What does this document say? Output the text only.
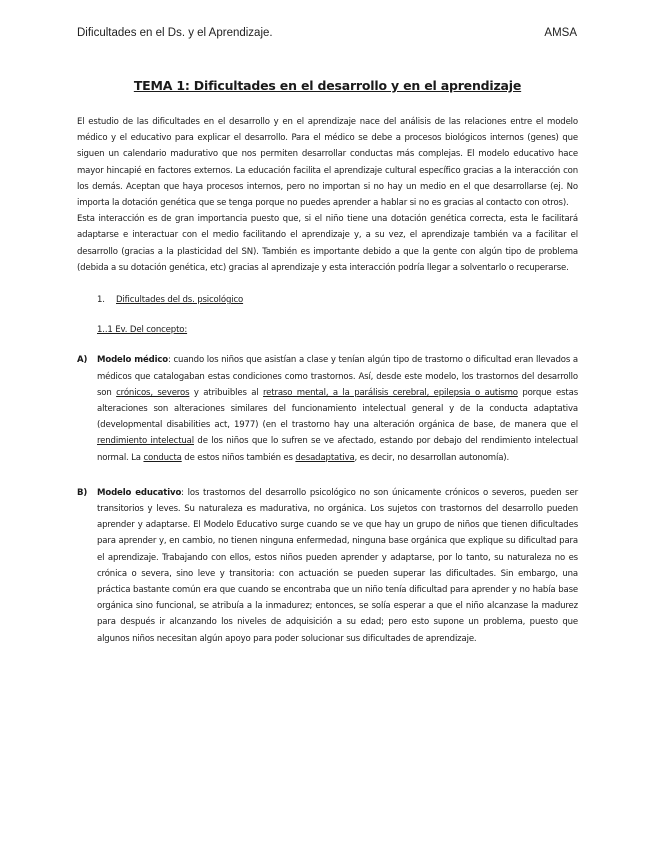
Dificultades en el Ds. y el Aprendizaje.	AMSA
TEMA 1: Dificultades en el desarrollo y en el aprendizaje

El estudio de las dificultades en el desarrollo y en el aprendizaje nace del análisis de las relaciones entre el modelo médico y el educativo para explicar el desarrollo. Para el médico se debe a procesos biológicos internos (genes) que siguen un calendario madurativo que nos permiten desarrollar conductas más complejas. El modelo educativo hace mayor hincapié en factores externos. La educación facilita el aprendizaje cultural específico gracias a la interacción con los demás. Aceptan que haya procesos internos, pero no importan si no hay un medio en el que desarrollarse (ej. No importa la dotación genética que se tenga porque no puedes aprender a hablar si no es gracias al contacto con otros).

Esta interacción es de gran importancia puesto que, si el niño tiene una dotación genética correcta, esta le facilitará adaptarse e interactuar con el medio facilitando el aprendizaje y, a su vez, el aprendizaje también va a facilitar el desarrollo (gracias a la plasticidad del SN). También es importante debido a que la gente con algún tipo de problema (debida a su dotación genética, etc) gracias al aprendizaje y esta interacción podría llegar a solventarlo o recuperarse.

1. Dificultades del ds. psicológico

1..1 Ev. Del concepto:

A)	Modelo médico: cuando los niños que asistían a clase y tenían algún tipo de trastorno o dificultad eran llevados a médicos que catalogaban estas condiciones como trastornos. Así, desde este modelo, los trastornos del desarrollo son crónicos, severos y atribuibles al retraso mental, a la parálisis cerebral, epilepsia o autismo porque estas alteraciones son alteraciones similares del funcionamiento intelectual general y de la conducta adaptativa (developmental disabilities act, 1977) (en el trastorno hay una alteración orgánica de base, de manera que el rendimiento intelectual de los niños que lo sufren se ve afectado, estando por debajo del rendimiento intelectual normal. La conducta de estos niños también es desadaptativa, es decir, no desarrollan autonomía).
B)	Modelo educativo: los trastornos del desarrollo psicológico no son únicamente crónicos o severos, pueden ser transitorios y leves. Su naturaleza es madurativa, no orgánica. Los sujetos con trastornos del desarrollo pueden aprender y adaptarse. El Modelo Educativo surge cuando se ve que hay un grupo de niños que tienen dificultades para aprender y, en cambio, no tienen ninguna enfermedad, ninguna base orgánica que explique su dificultad para el aprendizaje. Trabajando con ellos, estos niños pueden aprender y adaptarse, por lo tanto, su naturaleza no es crónica o severa, sino leve y transitoria: con actuación se pueden superar las dificultades. Sin embargo, una práctica bastante común era que cuando se encontraba que un niño tenía dificultad para aprender y no había base orgánica sino funcional, se atribuía a la inmadurez; entonces, se solía esperar a que el niño alcanzase la madurez para después ir alcanzando los niveles de adquisición a su edad; pero esto supone un problema, puesto que algunos niños necesitan algún apoyo para poder solucionar sus dificultades de aprendizaje.
